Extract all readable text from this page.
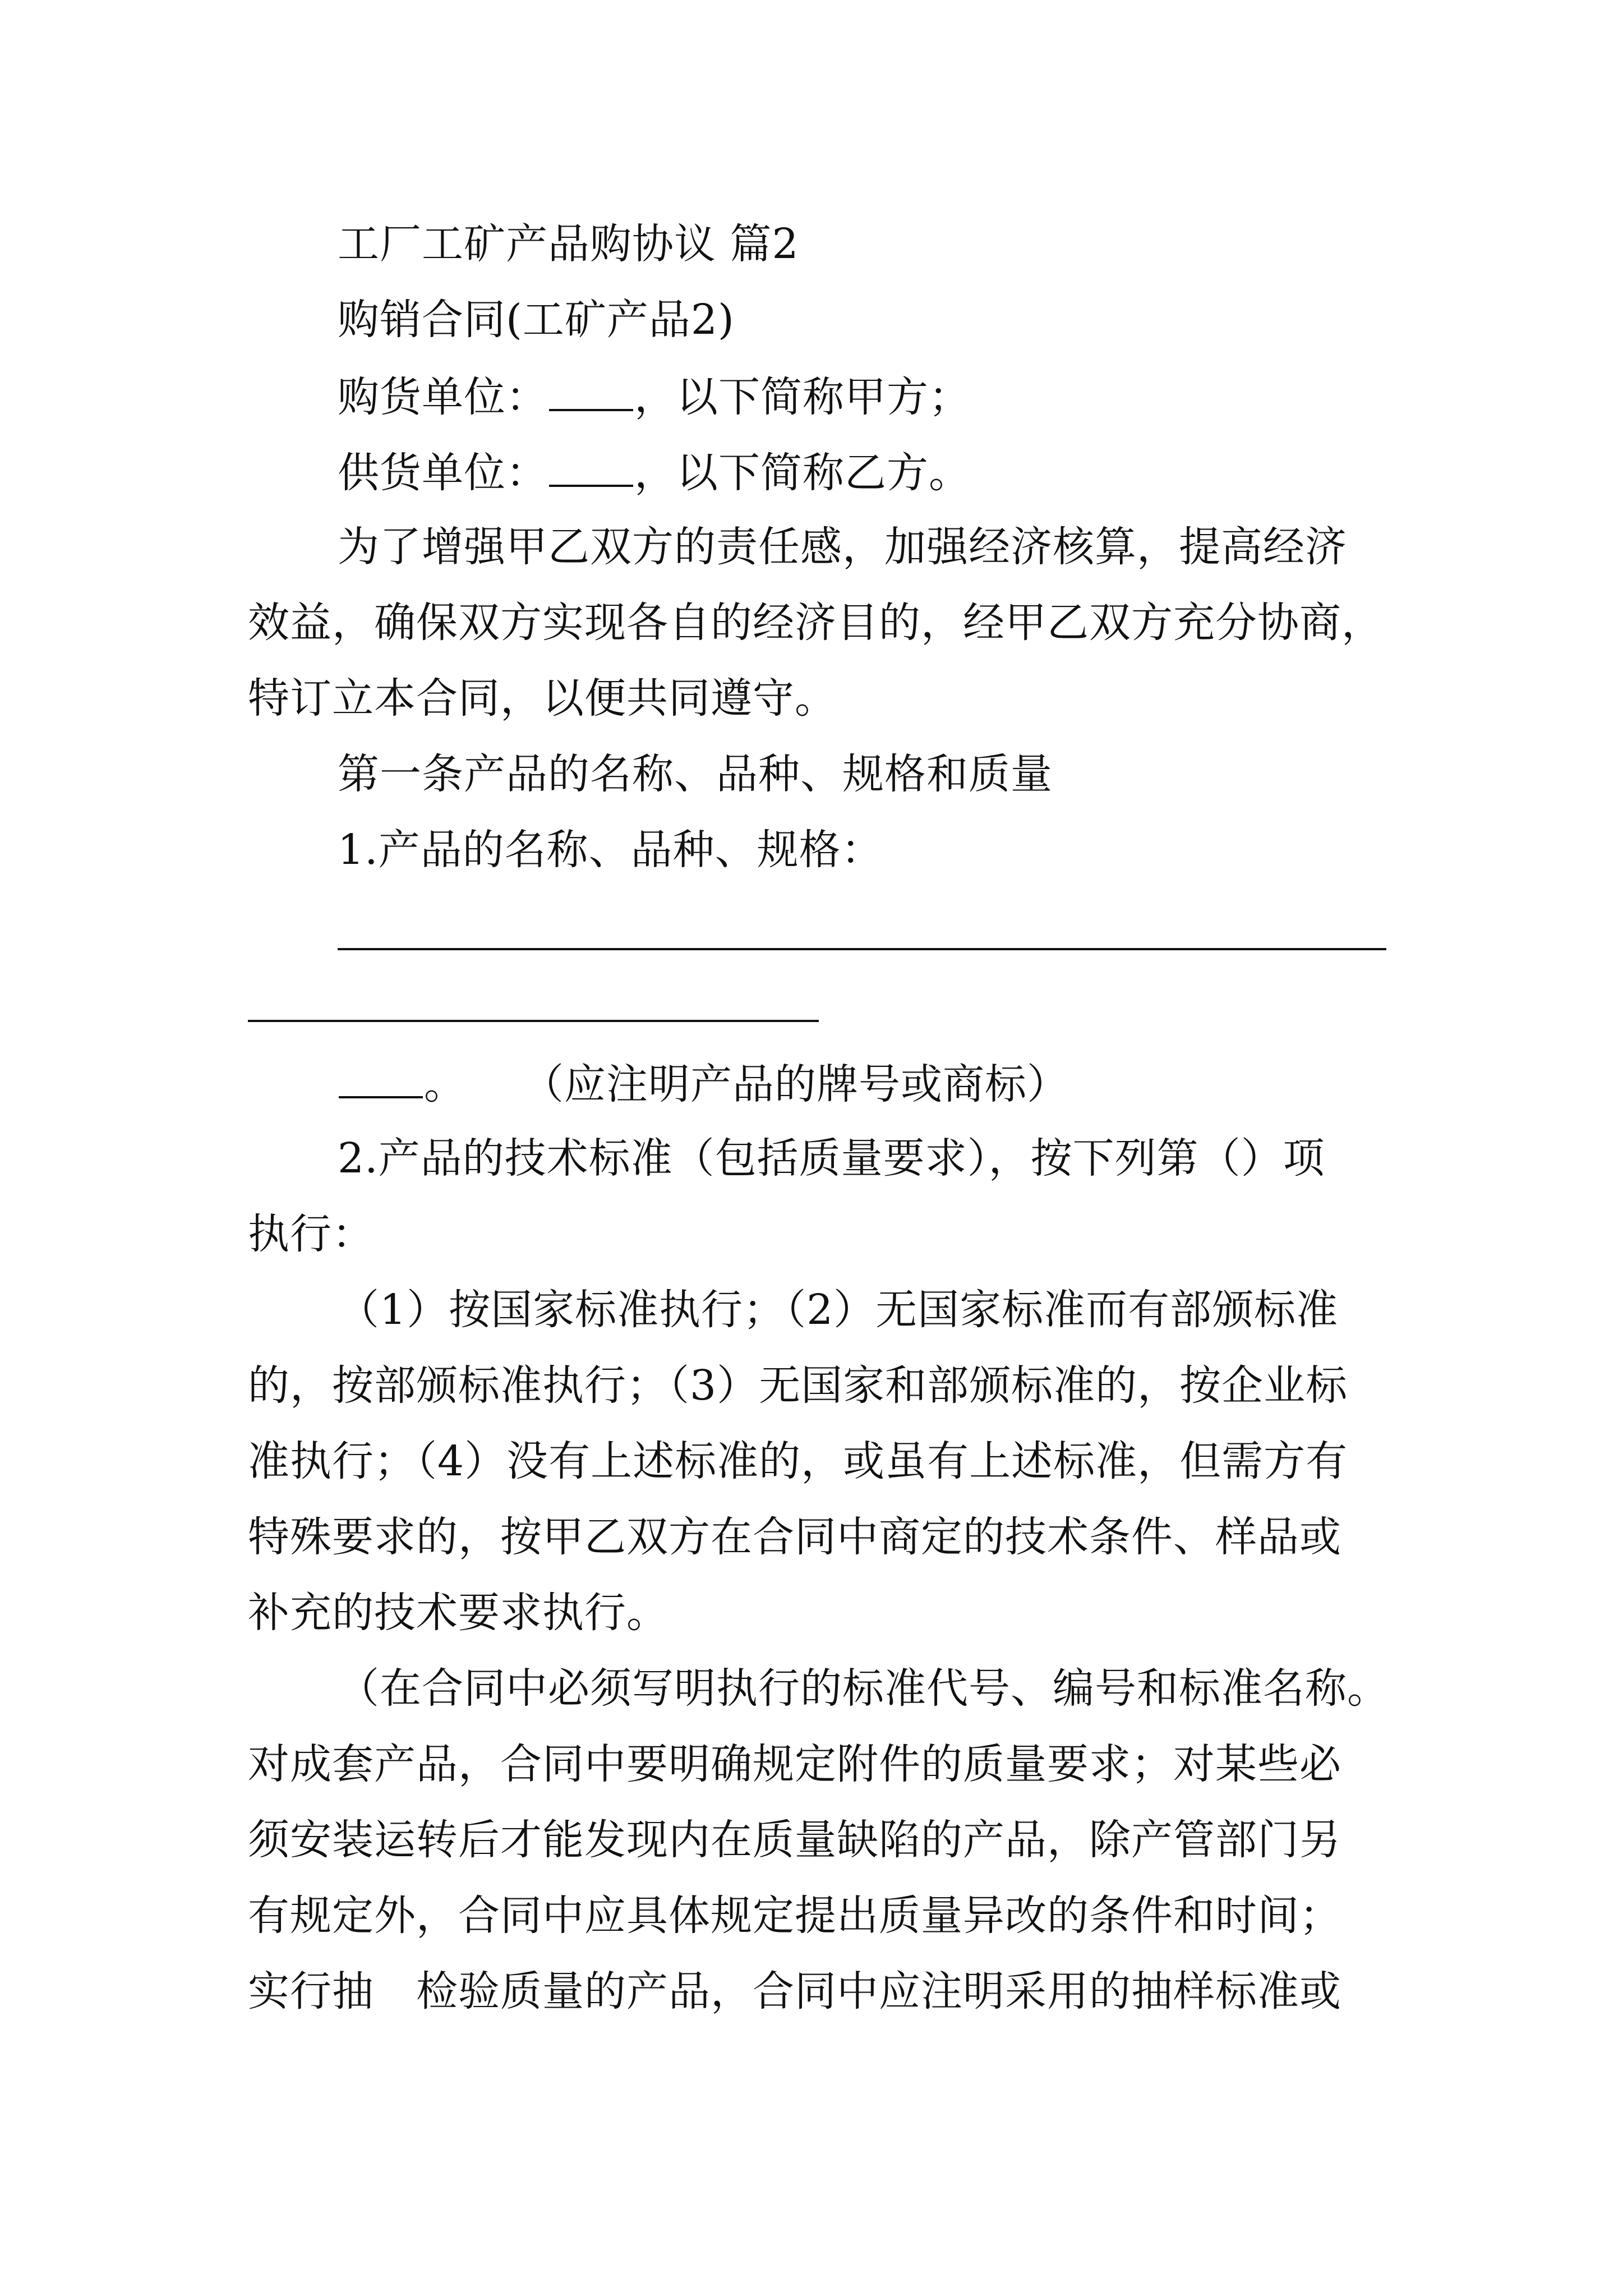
工厂工矿产品购协议 篇2
购销合同(工矿产品2)
购货单位： ，以下简称甲方；
供货单位： ，以下简称乙方。
为了增强甲乙双方的责任感，加强经济核算，提高经济
效益，确保双方实现各自的经济目的，经甲乙双方充分协商，
特订立本合同，以便共同遵守。
第一条产品的名称、品种、规格和质量
1.产品的名称、品种、规格：
。 （应注明产品的牌号或商标）
2.产品的技术标准（包括质量要求），按下列第（）项
执行：
（1）按国家标准执行；（2）无国家标准而有部颁标准
的，按部颁标准执行；（3）无国家和部颁标准的，按企业标
准执行；（4）没有上述标准的，或虽有上述标准，但需方有
特殊要求的，按甲乙双方在合同中商定的技术条件、样品或
补充的技术要求执行。
（在合同中必须写明执行的标准代号、编号和标准名称。
对成套产品，合同中要明确规定附件的质量要求；对某些必
须安装运转后才能发现内在质量缺陷的产品，除产管部门另
有规定外，合同中应具体规定提出质量异改的条件和时间；
实行抽　检验质量的产品，合同中应注明采用的抽样标准或
